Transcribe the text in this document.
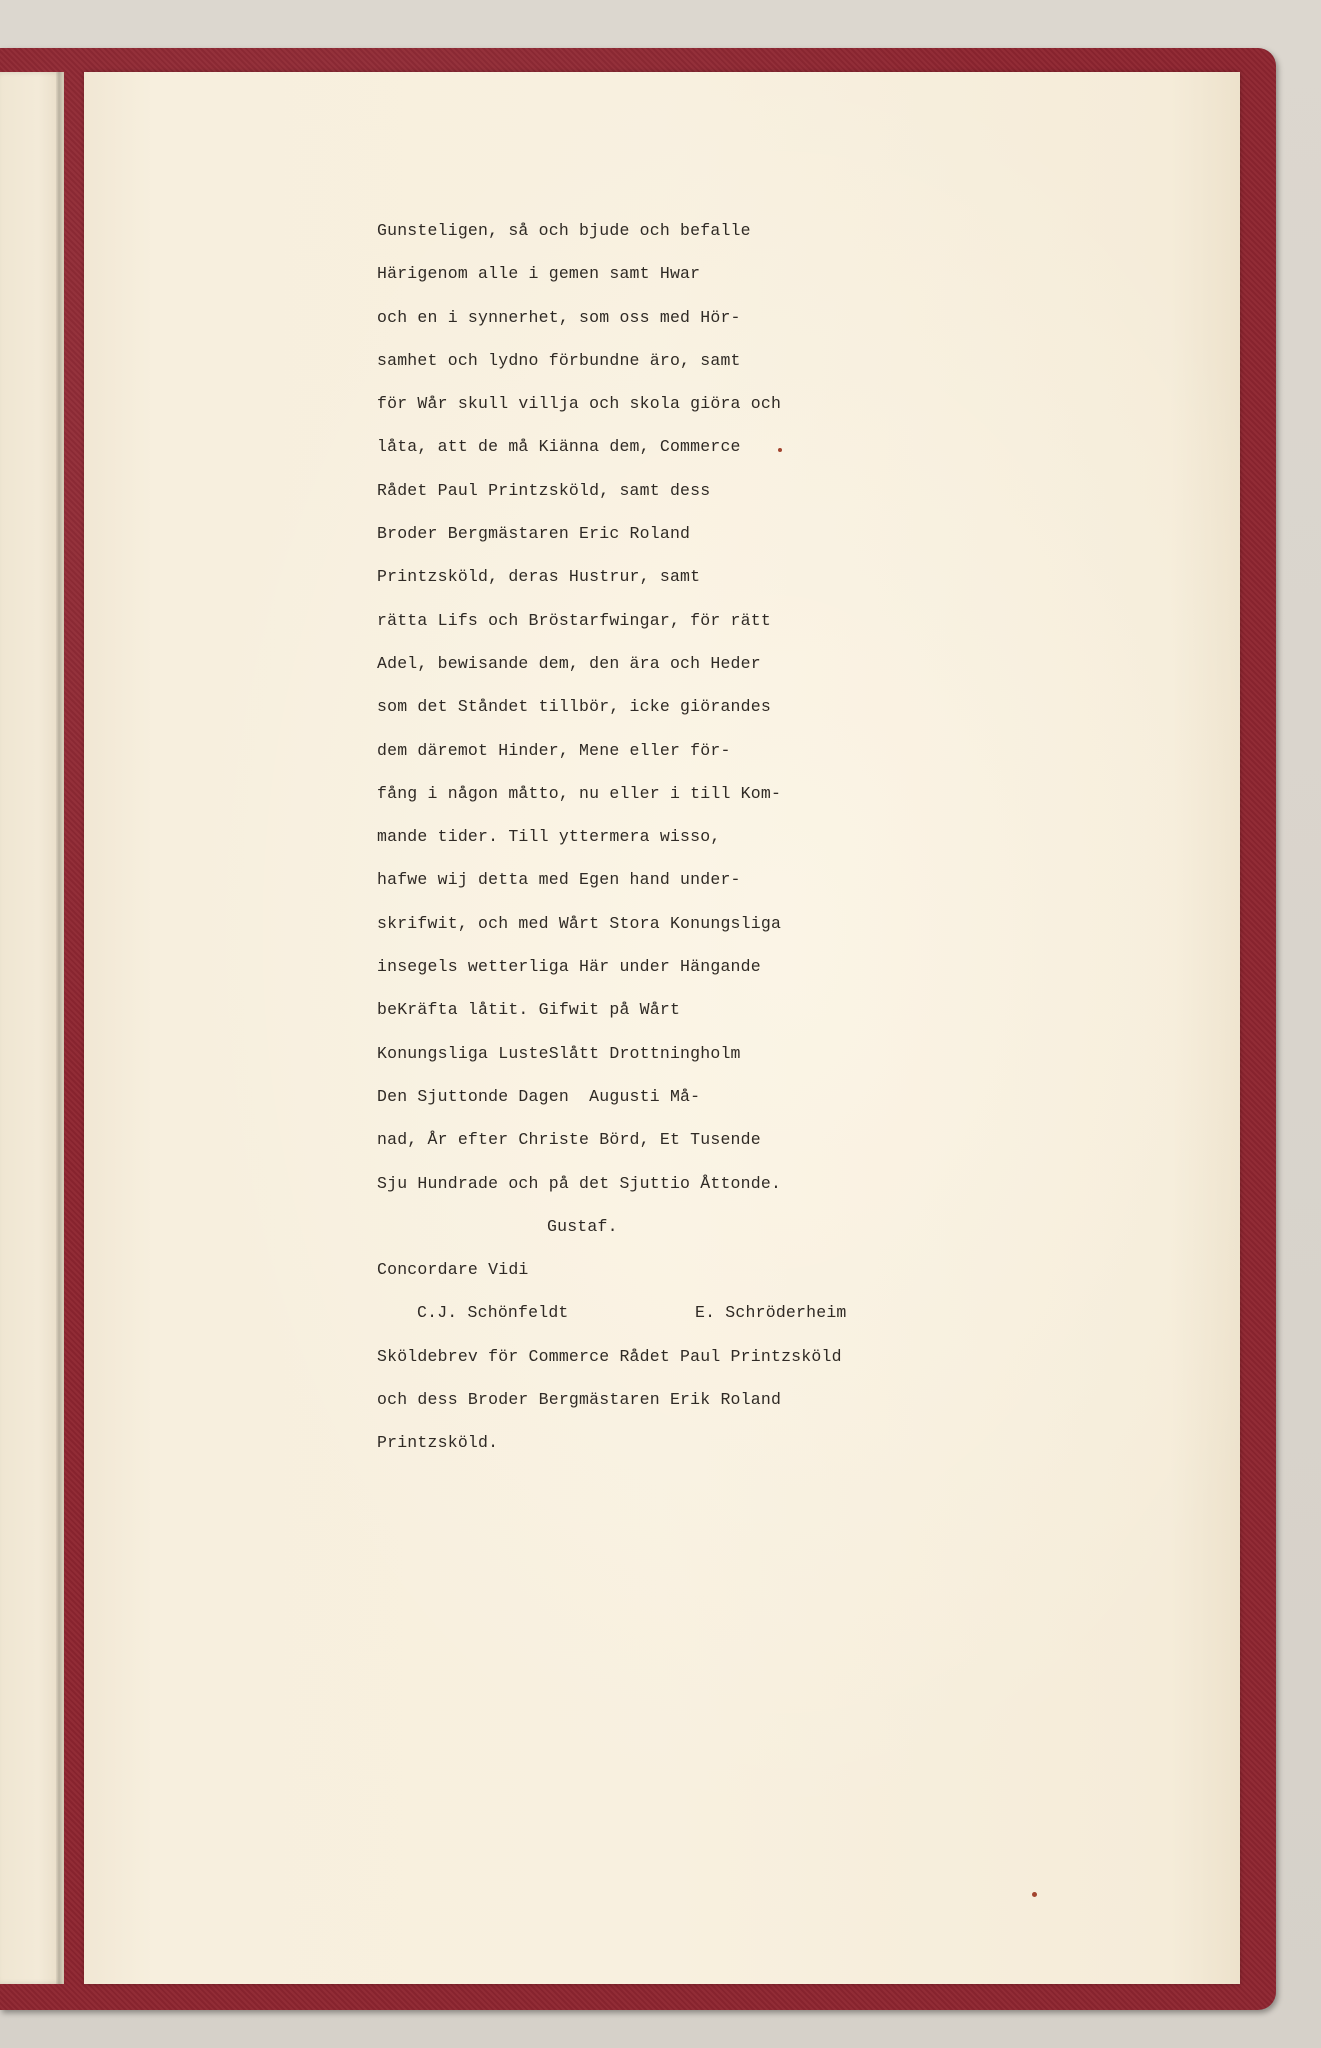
Gunsteligen, så och bjude och befalle
Härigenom alle i gemen samt Hwar
och en i synnerhet, som oss med Hör-
samhet och lydno förbundne äro, samt
för Wår skull villja och skola giöra och
låta, att de må Kiänna dem, Commerce
Rådet Paul Printzsköld, samt dess
Broder Bergmästaren Eric Roland
Printzsköld, deras Hustrur, samt
rätta Lifs och Bröstarfwingar, för rätt
Adel, bewisande dem, den ära och Heder
som det Ståndet tillbör, icke giörandes
dem däremot Hinder, Mene eller för-
fång i någon måtto, nu eller i till Kom-
mande tider. Till yttermera wisso,
hafwe wij detta med Egen hand under-
skrifwit, och med Wårt Stora Konungsliga
insegels wetterliga Här under Hängande
beKräfta låtit. Gifwit på Wårt
Konungsliga LusteSlått Drottningholm
Den Sjuttonde Dagen  Augusti Må-
nad, År efter Christe Börd, Et Tusende
Sju Hundrade och på det Sjuttio Åttonde.
Gustaf.
Concordare Vidi
C.J. Schönfeldt	E. Schröderheim
Sköldebrev för Commerce Rådet Paul Printzsköld
och dess Broder Bergmästaren Erik Roland
Printzsköld.
